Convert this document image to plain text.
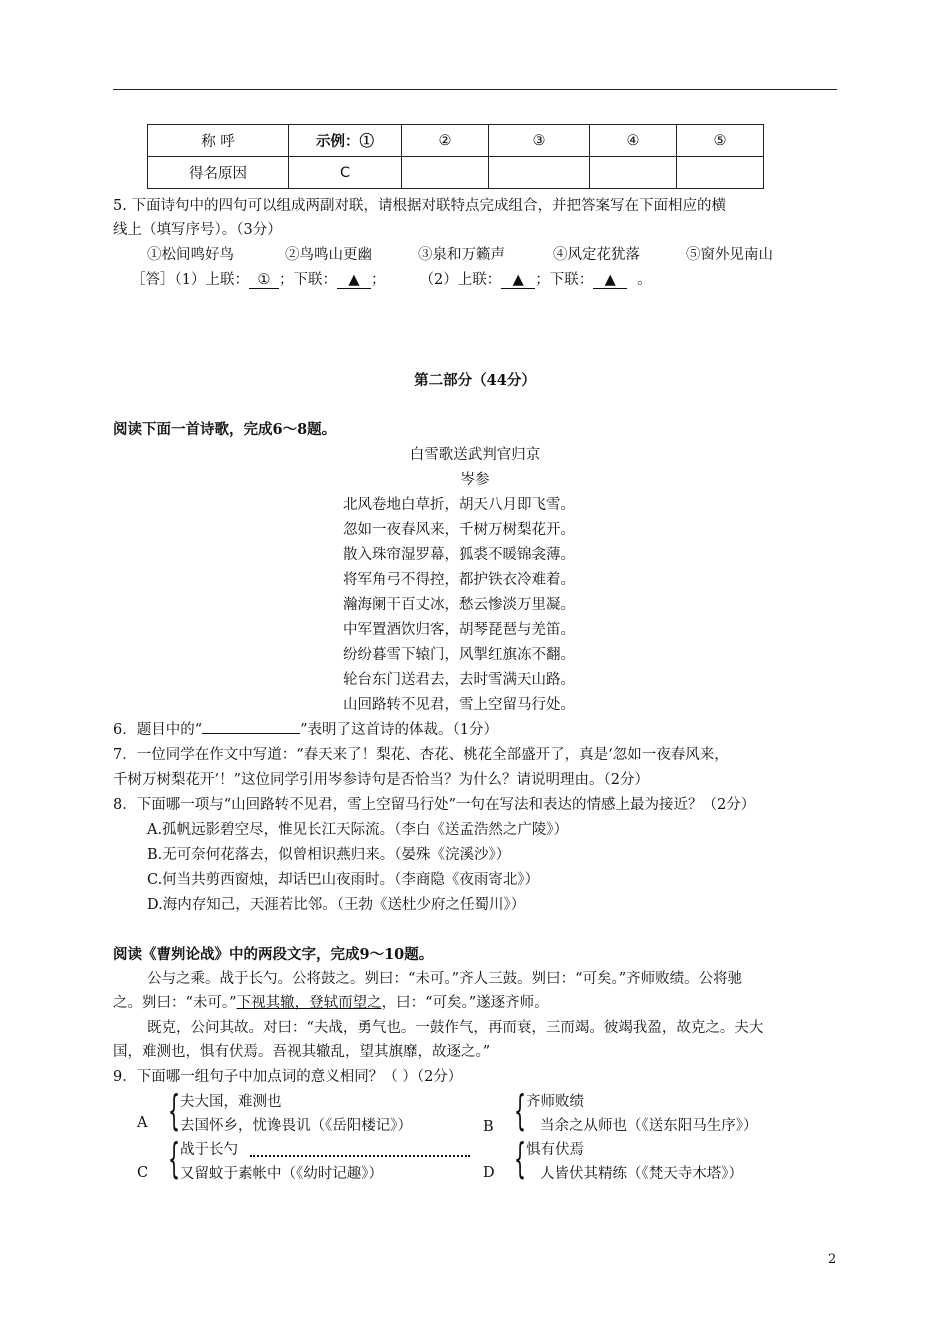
称 呼	示例：①	②	③	④	⑤
得名原因	C				
5. 下面诗句中的四句可以组成两副对联，请根据对联特点完成组合，并把答案写在下面相应的横
线上（填写序号）。（3分）
①松间鸣好鸟	②鸟鸣山更幽	③泉和万籁声	④风定花犹落	⑤窗外见南山
［答］（1）上联： ① ；下联： ▲ ； （2）上联： ▲ ；下联： ▲ 。
第二部分（44分）
阅读下面一首诗歌，完成6～8题。
白雪歌送武判官归京
岑参
北风卷地白草折，胡天八月即飞雪。
忽如一夜春风来，千树万树梨花开。
散入珠帘湿罗幕，狐裘不暖锦衾薄。
将军角弓不得控，都护铁衣冷难着。
瀚海阑干百丈冰，愁云惨淡万里凝。
中军置酒饮归客，胡琴琵琶与羌笛。
纷纷暮雪下辕门，风掣红旗冻不翻。
轮台东门送君去，去时雪满天山路。
山回路转不见君，雪上空留马行处。
6．题目中的“	”表明了这首诗的体裁。（1分）
7．一位同学在作文中写道：“春天来了！梨花、杏花、桃花全部盛开了，真是‘忽如一夜春风来，
千树万树梨花开’！”这位同学引用岑参诗句是否恰当？为什么？请说明理由。（2分）
8．下面哪一项与“山回路转不见君，雪上空留马行处”一句在写法和表达的情感上最为接近？（2分）
A.孤帆远影碧空尽，惟见长江天际流。（李白《送孟浩然之广陵》）
B.无可奈何花落去，似曾相识燕归来。（晏殊《浣溪沙》）
C.何当共剪西窗烛，却话巴山夜雨时。（李商隐《夜雨寄北》）
D.海内存知己，天涯若比邻。（王勃《送杜少府之任蜀川》）
阅读《曹刿论战》中的两段文字，完成9～10题。
公与之乘。战于长勺。公将鼓之。刿曰：“未可。”齐人三鼓。刿曰：“可矣。”齐师败绩。公将驰
之。刿曰：“未可。”下视其辙，登轼而望之，曰：“可矣。”遂逐齐师。
既克，公问其故。对曰：“夫战，勇气也。一鼓作气，再而衰，三而竭。彼竭我盈，故克之。夫大
国，难测也，惧有伏焉。吾视其辙乱，望其旗靡，故逐之。”
9．下面哪一组句子中加点词的意义相同？（ ）（2分）
A { 夫大国，难测也
去国怀乡，忧谗畏讥（《岳阳楼记》）	B { 齐师败绩
当余之从师也（《送东阳马生序》）
C { 战于长勺
又留蚊于素帐中（《幼时记趣》）	D { 惧有伏焉
人皆伏其精练（《梵天寺木塔》）
2
